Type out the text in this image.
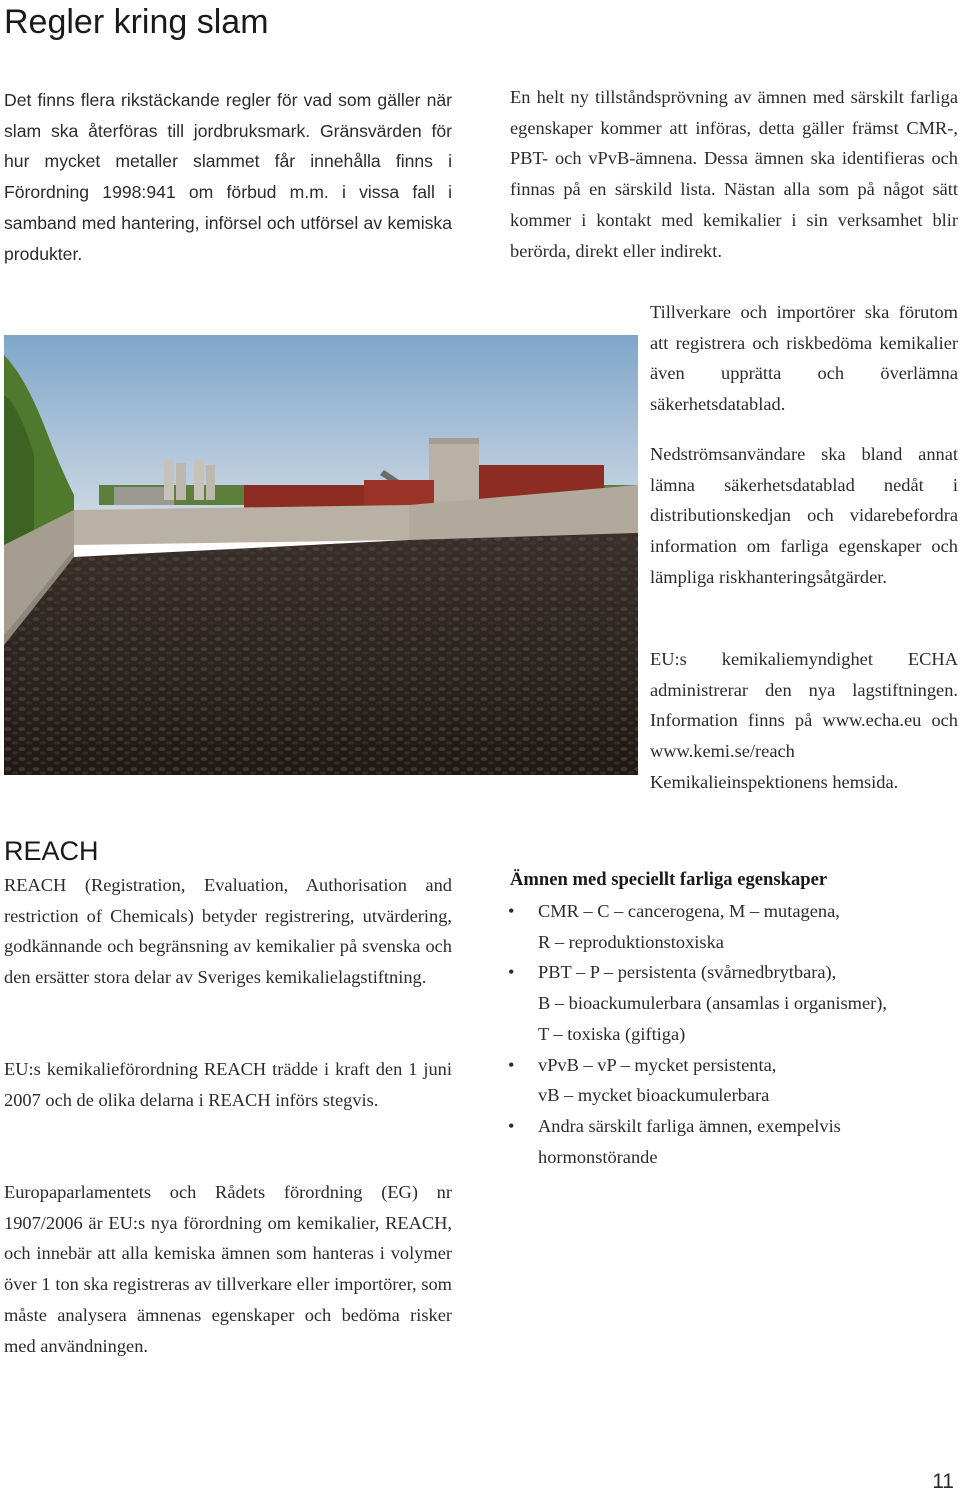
Regler kring slam

Det finns flera rikstäckande regler för vad som gäller när slam ska återföras till jordbruksmark. Gränsvärden för hur mycket metaller slammet får innehålla finns i Förordning 1998:941 om förbud m.m. i vissa fall i samband med hantering, införsel och utförsel av kemiska produkter.

En helt ny tillståndsprövning av ämnen med särskilt farliga egenskaper kommer att införas, detta gäller främst CMR-, PBT- och vPvB-ämnena. Dessa ämnen ska identifieras och finnas på en särskild lista. Nästan alla som på något sätt kommer i kontakt med kemikalier i sin verksamhet blir berörda, direkt eller indirekt.

Tillverkare och importörer ska förutom att registrera och riskbedöma kemikalier även upprätta och överlämna säkerhetsdatablad.

Nedströmsanvändare ska bland annat lämna säkerhetsdatablad nedåt i distributionskedjan och vidarebefordra information om farliga egenskaper och lämpliga riskhanteringsåtgärder.

EU:s kemikaliemyndighet ECHA administrerar den nya lagstiftningen. Information finns på www.echa.eu och www.kemi.se/reach Kemikalieinspektionens hemsida.

REACH

REACH (Registration, Evaluation, Authorisation and restriction of Chemicals) betyder registrering, utvärdering, godkännande och begränsning av kemikalier på svenska och den ersätter stora delar av Sveriges kemikalielagstiftning.

EU:s kemikalieförordning REACH trädde i kraft den 1 juni 2007 och de olika delarna i REACH införs stegvis.

Europaparlamentets och Rådets förordning (EG) nr 1907/2006 är EU:s nya förordning om kemikalier, REACH, och innebär att alla kemiska ämnen som hanteras i volymer över 1 ton ska registreras av tillverkare eller importörer, som måste analysera ämnenas egenskaper och bedöma risker med användningen.

Ämnen med speciellt farliga egenskaper

• CMR – C – cancerogena, M – mutagena,
R – reproduktionstoxiska
• PBT – P – persistenta (svårnedbrytbara),
B – bioackumulerbara (ansamlas i organismer),
T – toxiska (giftiga)
• vPvB – vP – mycket persistenta,
vB – mycket bioackumulerbara
• Andra särskilt farliga ämnen, exempelvis
hormonstörande
11
